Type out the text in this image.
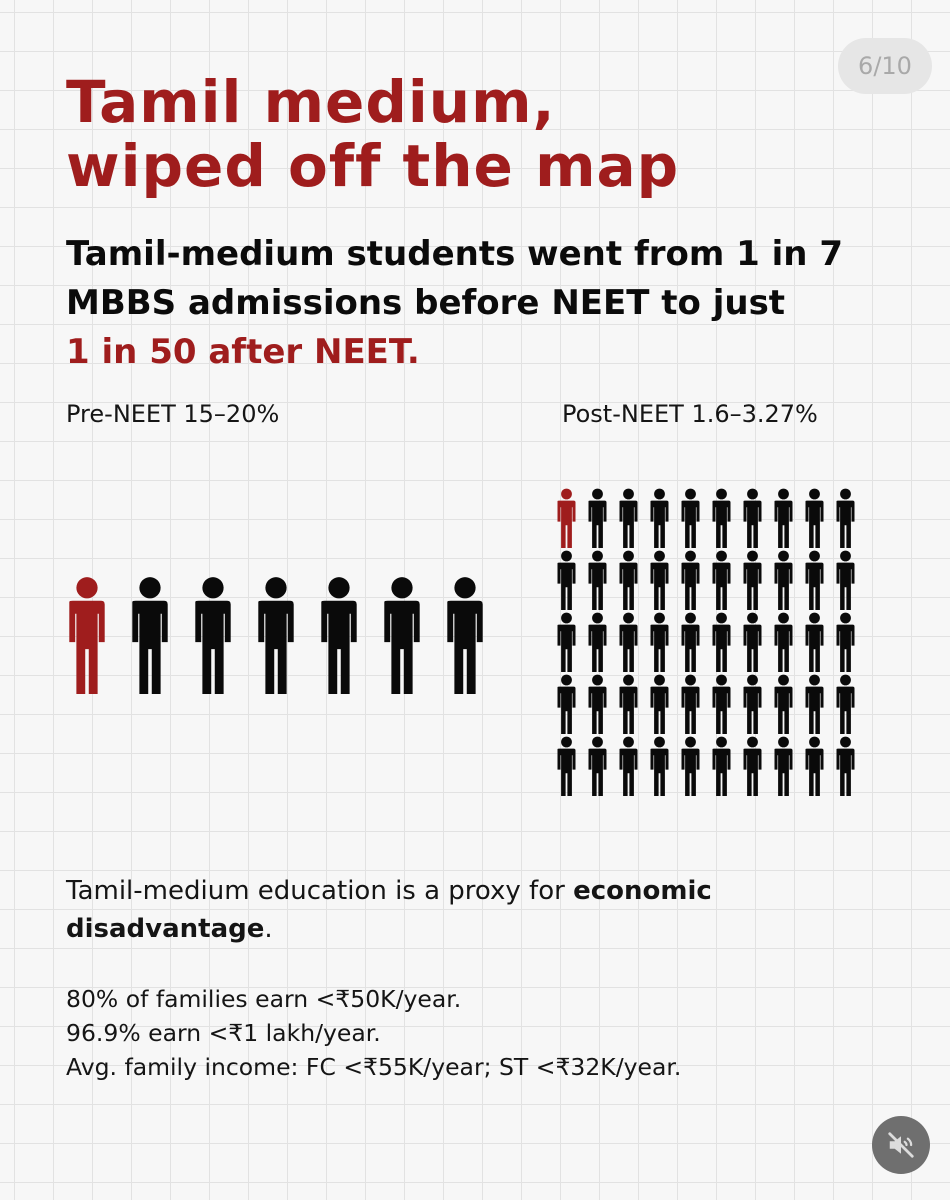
6/10
Tamil medium,
wiped off the map

Tamil-medium students went from 1 in 7
MBBS admissions before NEET to just
1 in 50 after NEET.

Pre-NEET 15–20%	Post-NEET 1.6–3.27%

Tamil-medium education is a proxy for economic disadvantage.

80% of families earn <₹50K/year.
96.9% earn <₹1 lakh/year.
Avg. family income: FC <₹55K/year; ST <₹32K/year.
